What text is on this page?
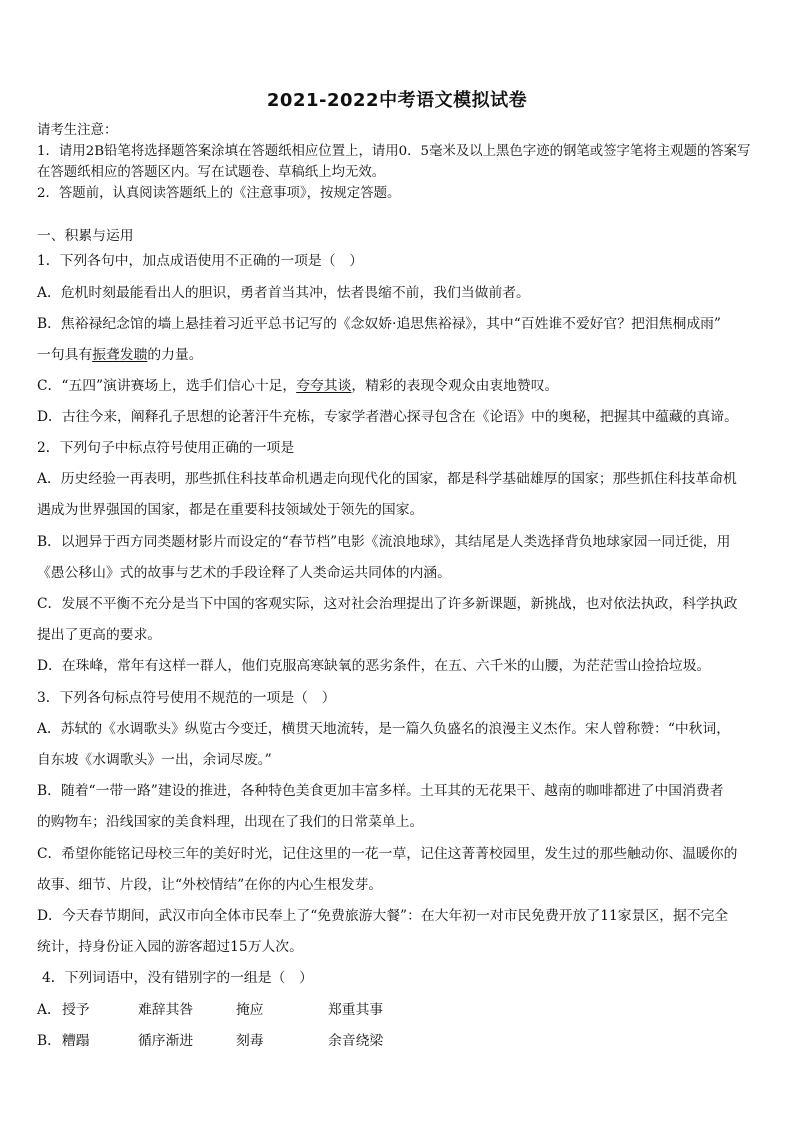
2021-2022中考语文模拟试卷

请考生注意：

1．请用2B铅笔将选择题答案涂填在答题纸相应位置上，请用0．5毫米及以上黑色字迹的钢笔或签字笔将主观题的答案写在答题纸相应的答题区内。写在试题卷、草稿纸上均无效。

2．答题前，认真阅读答题纸上的《注意事项》，按规定答题。

一、积累与运用
1．下列各句中，加点成语使用不正确的一项是（　）
A．危机时刻最能看出人的胆识，勇者首当其冲，怯者畏缩不前，我们当做前者。
B．焦裕禄纪念馆的墙上悬挂着习近平总书记写的《念奴娇·追思焦裕禄》，其中“百姓谁不爱好官？把泪焦桐成雨”
一句具有振聋发聩的力量。
C．“五四”演讲赛场上，选手们信心十足，夸夸其谈，精彩的表现令观众由衷地赞叹。
D．古往今来，阐释孔子思想的论著汗牛充栋，专家学者潜心探寻包含在《论语》中的奥秘，把握其中蕴藏的真谛。
2．下列句子中标点符号使用正确的一项是
A．历史经验一再表明，那些抓住科技革命机遇走向现代化的国家，都是科学基础雄厚的国家；那些抓住科技革命机
遇成为世界强国的国家，都是在重要科技领域处于领先的国家。
B．以迥异于西方同类题材影片而设定的“春节档”电影《流浪地球》，其结尾是人类选择背负地球家园一同迁徙，用
《愚公移山》式的故事与艺术的手段诠释了人类命运共同体的内涵。
C．发展不平衡不充分是当下中国的客观实际，这对社会治理提出了许多新课题，新挑战，也对依法执政，科学执政
提出了更高的要求。
D．在珠峰，常年有这样一群人，他们克服高寒缺氧的恶劣条件，在五、六千米的山腰，为茫茫雪山捡拾垃圾。
3．下列各句标点符号使用不规范的一项是（　）
A．苏轼的《水调歌头》纵览古今变迁，横贯天地流转，是一篇久负盛名的浪漫主义杰作。宋人曾称赞：“中秋词，
自东坡《水调歌头》一出，余词尽废。”
B．随着“一带一路”建设的推进，各种特色美食更加丰富多样。土耳其的无花果干、越南的咖啡都进了中国消费者
的购物车；沿线国家的美食料理，出现在了我们的日常菜单上。
C．希望你能铭记母校三年的美好时光，记住这里的一花一草，记住这菁菁校园里，发生过的那些触动你、温暖你的
故事、细节、片段，让“外校情结”在你的内心生根发芽。
D．今天春节期间，武汉市向全体市民奉上了“免费旅游大餐”：在大年初一对市民免费开放了11家景区，据不完全
统计，持身份证入园的游客超过15万人次。
4．下列词语中，没有错别字的一组是（　）
A． 授予	难辞其咎	掩应	郑重其事
B． 糟蹋	循序渐进	刻毒	余音绕梁
